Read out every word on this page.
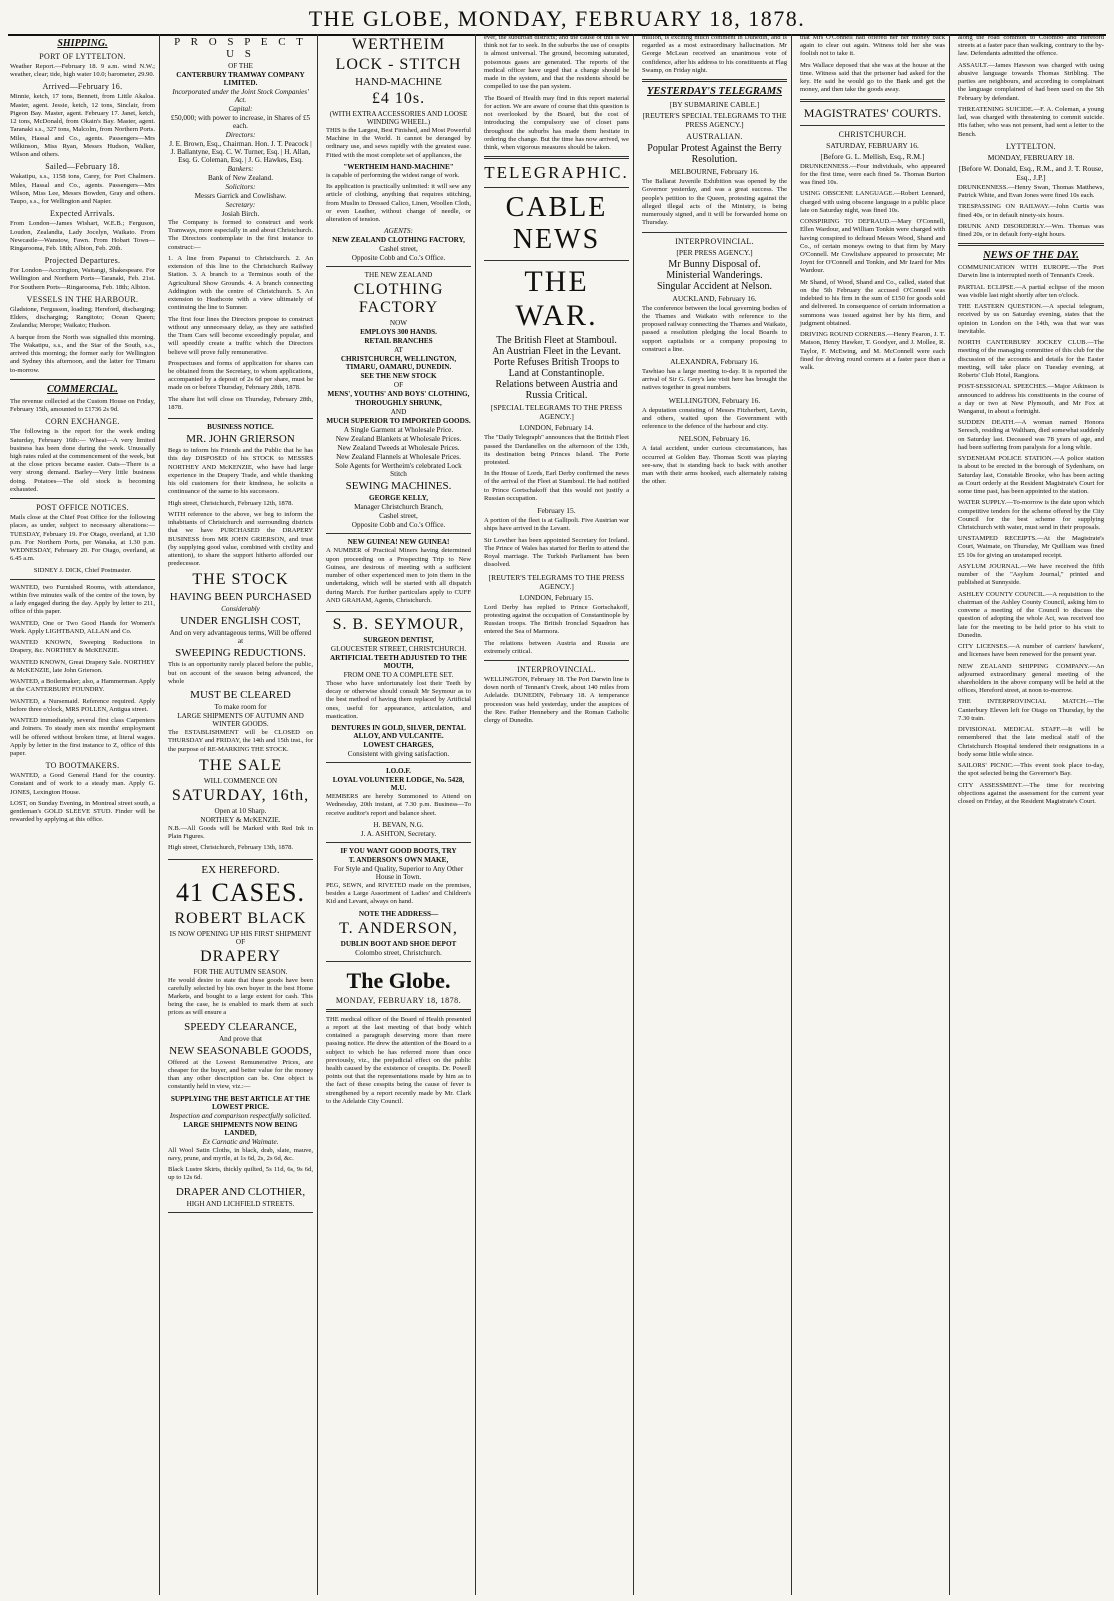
THE GLOBE, MONDAY, FEBRUARY 18, 1878.
SHIPPING.
PORT OF LYTTELTON.

Weather Report.—February 18. 9 a.m. wind N.W.; weather, clear; tide, high water 10.0; barometer, 29.90.

Arrived—February 16.

Minnie, ketch, 17 tons, Bennett, from Little Akaloa. Master, agent. Jessie, ketch, 12 tons, Sinclair, from Pigeon Bay. Master, agent. February 17. Janet, ketch, 12 tons, McDonald, from Okain's Bay. Master, agent. Taranaki s.s., 327 tons, Malcolm, from Northern Ports. Miles, Hassal and Co., agents. Passengers—Mrs Wilkinson, Miss Ryan, Messrs Hudson, Walker, Wilson and others.

Sailed—February 18.

Wakatipu, s.s., 1158 tons, Carey, for Port Chalmers. Miles, Hassal and Co., agents. Passengers—Mrs Wilson, Miss Lee, Messrs Bowden, Gray and others. Taupo, s.s., for Wellington and Napier.

Expected Arrivals.

From London—James Wishart, W.E.B.; Ferguson, Loudon, Zealandia, Lady Jocelyn, Waikato. From Newcastle—Wanstow, Fawn. From Hobart Town—Ringarooma, Feb. 18th; Albion, Feb. 20th.

Projected Departures.

For London—Accrington, Waitangi, Shakespeare. For Wellington and Northern Ports—Taranaki, Feb. 21st. For Southern Ports—Ringarooma, Feb. 18th; Albion.

VESSELS IN THE HARBOUR.

Gladstone, Fergusson, loading; Hereford, discharging; Elders, discharging; Rangitoto; Ocean Queen; Zealandia; Merope; Waikato; Hudson.

A barque from the North was signalled this morning. The Wakatipu, s.s., and the Star of the South, s.s., arrived this morning; the former early for Wellington and Sydney this afternoon, and the latter for Timaru to-morrow.

COMMERCIAL.

The revenue collected at the Custom House on Friday, February 15th, amounted to £1736 2s 9d.

CORN EXCHANGE.

The following is the report for the week ending Saturday, February 16th:— Wheat—A very limited business has been done during the week. Unusually high rates ruled at the commencement of the week, but at the close prices became easier. Oats—There is a very strong demand. Barley—Very little business doing. Potatoes—The old stock is becoming exhausted.

POST OFFICE NOTICES.

Mails close at the Chief Post Office for the following places, as under, subject to necessary alterations:— TUESDAY, February 19. For Otago, overland, at 1.30 p.m. For Northern Ports, per Wanaka, at 1.30 p.m. WEDNESDAY, February 20. For Otago, overland, at 6.45 a.m.

SIDNEY J. DICK, Chief Postmaster.

WANTED, two Furnished Rooms, with attendance, within five minutes walk of the centre of the town, by a lady engaged during the day. Apply by letter to 211, office of this paper.

WANTED, One or Two Good Hands for Women's Work. Apply LIGHTBAND, ALLAN and Co.

WANTED KNOWN, Sweeping Reductions in Drapery, &c. NORTHEY & McKENZIE.

WANTED KNOWN, Great Drapery Sale. NORTHEY & McKENZIE, late John Grierson.

WANTED, a Boilermaker; also, a Hammerman. Apply at the CANTERBURY FOUNDRY.

WANTED, a Nursemaid. Reference required. Apply before three o'clock, MRS POLLEN, Antigua street.

WANTED immediately, several first class Carpenters and Joiners. To steady men six months' employment will be offered without broken time, at literal wages. Apply by letter in the first instance to Z, office of this paper.

TO BOOTMAKERS.

WANTED, a Good General Hand for the country. Constant and of work to a steady man. Apply G. JONES, Lexington House.

LOST, on Sunday Evening, in Montreal street south, a gentleman's GOLD SLEEVE STUD. Finder will be rewarded by applying at this office.

P R O S P E C T U S
OF THE
CANTERBURY TRAMWAY COMPANY LIMITED.
Incorporated under the Joint Stock Companies' Act.
Capital:
£50,000; with power to increase, in Shares of £5 each.
Directors:
J. E. Brown, Esq., Chairman. Hon. J. T. Peacock | J. Ballantyne, Esq. C. W. Turner, Esq. | H. Allan, Esq. G. Coleman, Esq. | J. G. Hawkes, Esq.
Bankers:
Bank of New Zealand.
Solicitors:
Messrs Garrick and Cowlishaw.
Secretary:
Josiah Birch.

The Company is formed to construct and work Tramways, more especially in and about Christchurch. The Directors contemplate in the first instance to construct:—

1. A line from Papanui to Christchurch. 2. An extension of this line to the Christchurch Railway Station. 3. A branch to a Terminus south of the Agricultural Show Grounds. 4. A branch connecting Addington with the centre of Christchurch. 5. An extension to Heathcote with a view ultimately of continuing the line to Sumner.

The first four lines the Directors propose to construct without any unnecessary delay, as they are satisfied the Tram Cars will become exceedingly popular, and will speedily create a traffic which the Directors believe will prove fully remunerative.

Prospectuses and forms of application for shares can be obtained from the Secretary, to whom applications, accompanied by a deposit of 2s 6d per share, must be made on or before Thursday, February 28th, 1878.

The share list will close on Thursday, February 28th, 1878.

BUSINESS NOTICE.
MR. JOHN GRIERSON

Begs to inform his Friends and the Public that he has this day DISPOSED of his STOCK to MESSRS NORTHEY AND McKENZIE, who have had large experience in the Drapery Trade, and while thanking his old customers for their kindness, he solicits a continuance of the same to his successors.

High street, Christchurch, February 12th, 1878.

WITH reference to the above, we beg to inform the inhabitants of Christchurch and surrounding districts that we have PURCHASED the DRAPERY BUSINESS from MR JOHN GRIERSON, and trust (by supplying good value, combined with civility and attention), to share the support hitherto afforded our predecessor.

THE STOCK
HAVING BEEN PURCHASED
Considerably
UNDER ENGLISH COST,
And on very advantageous terms, Will be offered at
SWEEPING REDUCTIONS.

This is an opportunity rarely placed before the public, but on account of the season being advanced, the whole

MUST BE CLEARED
To make room for
LARGE SHIPMENTS OF AUTUMN AND WINTER GOODS.

The ESTABLISHMENT will be CLOSED on THURSDAY and FRIDAY, the 14th and 15th inst., for the purpose of RE-MARKING THE STOCK.

THE SALE
WILL COMMENCE ON
SATURDAY, 16th,
Open at 10 Sharp.
NORTHEY & McKENZIE.

N.B.—All Goods will be Marked with Red Ink in Plain Figures.

High street, Christchurch, February 13th, 1878.

EX HEREFORD.
41 CASES.
ROBERT BLACK
IS NOW OPENING UP HIS FIRST SHIPMENT OF
DRAPERY
FOR THE AUTUMN SEASON.

He would desire to state that these goods have been carefully selected by his own buyer in the best Home Markets, and bought to a large extent for cash. This being the case, he is enabled to mark them at such prices as will ensure a

SPEEDY CLEARANCE,
And prove that
NEW SEASONABLE GOODS,

Offered at the Lowest Remunerative Prices, are cheaper for the buyer, and better value for the money than any other description can be. One object is constantly held in view, viz.:—

SUPPLYING THE BEST ARTICLE AT THE LOWEST PRICE.
Inspection and comparison respectfully solicited.
LARGE SHIPMENTS NOW BEING LANDED,
Ex Carnatic and Waimate.

All Wool Satin Cloths, in black, drab, slate, mauve, navy, prune, and myrtle, at 1s 6d, 2s, 2s 6d, &c.

Black Lustre Skirts, thickly quilted, 5s 11d, 6s, 9s 6d, up to 12s 6d.

DRAPER AND CLOTHIER,
HIGH AND LICHFIELD STREETS.
WERTHEIM
LOCK - STITCH
HAND-MACHINE
£4 10s.
(WITH EXTRA ACCESSORIES AND LOOSE WINDING WHEEL.)

THIS is the Largest, Best Finished, and Most Powerful Machine in the World. It cannot be deranged by ordinary use, and sews rapidly with the greatest ease. Fitted with the most complete set of appliances, the

"WERTHEIM HAND-MACHINE"

is capable of performing the widest range of work.

Its application is practically unlimited: it will sew any article of clothing, anything that requires stitching, from Muslin to Dressed Calico, Linen, Woollen Cloth, or even Leather, without change of needle, or alteration of tension.

AGENTS:
NEW ZEALAND CLOTHING FACTORY,
Cashel street,
Opposite Cobb and Co.'s Office.
THE NEW ZEALAND
CLOTHING FACTORY
NOW
EMPLOYS 300 HANDS.
RETAIL BRANCHES
AT
CHRISTCHURCH, WELLINGTON, TIMARU, OAMARU, DUNEDIN.
SEE THE NEW STOCK
OF
MENS', YOUTHS' AND BOYS' CLOTHING,
THOROUGHLY SHRUNK,
AND
MUCH SUPERIOR TO IMPORTED GOODS.
A Single Garment at Wholesale Price.
New Zealand Blankets at Wholesale Prices.
New Zealand Tweeds at Wholesale Prices.
New Zealand Flannels at Wholesale Prices.
Sole Agents for Wertheim's celebrated Lock Stitch
SEWING MACHINES.
GEORGE KELLY,
Manager Christchurch Branch,
Cashel street,
Opposite Cobb and Co.'s Office.
NEW GUINEA! NEW GUINEA!

A NUMBER of Practical Miners having determined upon proceeding on a Prospecting Trip to New Guinea, are desirous of meeting with a sufficient number of other experienced men to join them in the undertaking, which will be started with all dispatch during March. For further particulars apply to CUFF AND GRAHAM, Agents, Christchurch.

S. B. SEYMOUR,
SURGEON DENTIST,
GLOUCESTER STREET, CHRISTCHURCH.
ARTIFICIAL TEETH ADJUSTED TO THE MOUTH,
FROM ONE TO A COMPLETE SET.

Those who have unfortunately lost their Teeth by decay or otherwise should consult Mr Seymour as to the best method of having them replaced by Artificial ones, useful for appearance, articulation, and mastication.

DENTURES IN GOLD, SILVER, DENTAL ALLOY, AND VULCANITE.
LOWEST CHARGES,
Consistent with giving satisfaction.
I.O.O.F.
LOYAL VOLUNTEER LODGE, No. 5428, M.U.

MEMBERS are hereby Summoned to Attend on Wednesday, 20th instant, at 7.30 p.m. Business—To receive auditor's report and balance sheet.

H. BEVAN, N.G.
J. A. ASHTON, Secretary.
IF YOU WANT GOOD BOOTS, TRY
T. ANDERSON'S OWN MAKE,
For Style and Quality, Superior to Any Other House in Town.

PEG, SEWN, and RIVETED made on the premises, besides a Large Assortment of Ladies' and Children's Kid and Levant, always on hand.

NOTE THE ADDRESS—
T. ANDERSON,
DUBLIN BOOT AND SHOE DEPOT
Colombo street, Christchurch.
The Globe.
MONDAY, FEBRUARY 18, 1878.

THE medical officer of the Board of Health presented a report at the last meeting of that body which contained a paragraph deserving more than mere passing notice. He drew the attention of the Board to a subject to which he has referred more than once previously, viz., the prejudicial effect on the public health caused by the existence of cesspits. Dr. Powell points out that the representations made by him as to the fact of these cesspits being the cause of fever is strengthened by a report recently made by Mr. Clark to the Adelaide City Council.

ever, the suburban districts; and the cause of this is we think not far to seek. In the suburbs the use of cesspits is almost universal. The ground, becoming saturated, poisonous gases are generated. The reports of the medical officer have urged that a change should be made in the system, and that the residents should be compelled to use the pan system.

The Board of Health may find in this report material for action. We are aware of course that this question is not overlooked by the Board, but the cost of introducing the compulsory use of closet pans throughout the suburbs has made them hesitate in ordering the change. But the time has now arrived, we think, when vigorous measures should be taken.

TELEGRAPHIC.
CABLE NEWS
THE WAR.
The British Fleet at Stamboul.
An Austrian Fleet in the Levant.
Porte Refuses British Troops to Land at Constantinople.
Relations between Austria and Russia Critical.
[SPECIAL TELEGRAMS TO THE PRESS AGENCY.]
LONDON, February 14.

The "Daily Telegraph" announces that the British Fleet passed the Dardanelles on the afternoon of the 13th, its destination being Princes Island. The Porte protested.

In the House of Lords, Earl Derby confirmed the news of the arrival of the Fleet at Stamboul. He had notified to Prince Gortschakoff that this would not justify a Russian occupation.

February 15.

A portion of the fleet is at Gallipoli. Five Austrian war ships have arrived in the Levant.

Sir Lowther has been appointed Secretary for Ireland. The Prince of Wales has started for Berlin to attend the Royal marriage. The Turkish Parliament has been dissolved.

[REUTER'S TELEGRAMS TO THE PRESS AGENCY.]
LONDON, February 15.

Lord Derby has replied to Prince Gortschakoff, protesting against the occupation of Constantinople by Russian troops. The British Ironclad Squadron has entered the Sea of Marmora.

The relations between Austria and Russia are extremely critical.

INTERPROVINCIAL.

WELLINGTON, February 18. The Port Darwin line is down north of Tennant's Creek, about 140 miles from Adelaide. DUNEDIN, February 18. A temperance procession was held yesterday, under the auspices of the Rev. Father Hennebery and the Roman Catholic clergy of Dunedin.

million, is exciting much comment in Dunedin, and is regarded as a most extraordinary hallucination. Mr George McLean received an unanimous vote of confidence, after his address to his constituents at Flag Swamp, on Friday night.

YESTERDAY'S TELEGRAMS
[BY SUBMARINE CABLE.]
[REUTER'S SPECIAL TELEGRAMS TO THE PRESS AGENCY.]
AUSTRALIAN.
Popular Protest Against the Berry Resolution.
MELBOURNE, February 16.

The Ballarat Juvenile Exhibition was opened by the Governor yesterday, and was a great success. The people's petition to the Queen, protesting against the alleged illegal acts of the Ministry, is being numerously signed, and it will be forwarded home on Thursday.

INTERPROVINCIAL.
[PER PRESS AGENCY.]
Mr Bunny Disposal of.
Ministerial Wanderings.
Singular Accident at Nelson.
AUCKLAND, February 16.

The conference between the local governing bodies of the Thames and Waikato with reference to the proposed railway connecting the Thames and Waikato, passed a resolution pledging the local Boards to support capitalists or a company proposing to construct a line.

ALEXANDRA, February 16.

Tawhiao has a large meeting to-day. It is reported the arrival of Sir G. Grey's late visit here has brought the natives together in great numbers.

WELLINGTON, February 16.

A deputation consisting of Messrs Fitzherbert, Levin, and others, waited upon the Government with reference to the defence of the harbour and city.

NELSON, February 16.

A fatal accident, under curious circumstances, has occurred at Golden Bay. Thomas Scott was playing see-saw, that is standing back to back with another man with their arms hooked, each alternately raising the other.

that Mrs O'Connell had offered her her money back again to clear out again. Witness told her she was foolish not to take it.

Mrs Wallace deposed that she was at the house at the time. Witness said that the prisoner had asked for the key. He said he would go to the Bank and get the money, and then take the goods away.

MAGISTRATES' COURTS.
CHRISTCHURCH.
SATURDAY, FEBRUARY 16.
[Before G. L. Mellish, Esq., R.M.]

DRUNKENNESS.—Four individuals, who appeared for the first time, were each fined 5s. Thomas Burton was fined 10s.

USING OBSCENE LANGUAGE.—Robert Lennard, charged with using obscene language in a public place late on Saturday night, was fined 10s.

CONSPIRING TO DEFRAUD.—Mary O'Connell, Ellen Wardour, and William Tonkin were charged with having conspired to defraud Messrs Wood, Shand and Co., of certain moneys owing to that firm by Mary O'Connell. Mr Cowlishaw appeared to prosecute; Mr Joynt for O'Connell and Tonkin, and Mr Izard for Mrs Wardour.

Mr Shand, of Wood, Shand and Co., called, stated that on the 5th February the accused O'Connell was indebted to his firm in the sum of £150 for goods sold and delivered. In consequence of certain information a summons was issued against her by his firm, and judgment obtained.

DRIVING ROUND CORNERS.—Henry Fearon, J. T. Matson, Henry Hawker, T. Goodyer, and J. Mollee, R. Taylor, F. McEwing, and M. McConnell were each fined for driving round corners at a faster pace than a walk.

along the road common to Colombo and Hereford streets at a faster pace than walking, contrary to the by-law. Defendants admitted the offence.

ASSAULT.—James Hawson was charged with using abusive language towards Thomas Stribling. The parties are neighbours, and according to complainant the language complained of had been used on the 5th February by defendant.

THREATENING SUICIDE.—F. A. Coleman, a young lad, was charged with threatening to commit suicide. His father, who was not present, had sent a letter to the Bench.

LYTTELTON.
MONDAY, FEBRUARY 18.
[Before W. Donald, Esq., R.M., and J. T. Rouse, Esq., J.P.]

DRUNKENNESS.—Henry Swan, Thomas Matthews, Patrick White, and Evan Jones were fined 10s each.

TRESPASSING ON RAILWAY.—John Curtis was fined 40s, or in default ninety-six hours.

DRUNK AND DISORDERLY.—Wm. Thomas was fined 20s, or in default forty-eight hours.

NEWS OF THE DAY.

COMMUNICATION WITH EUROPE.—The Port Darwin line is interrupted north of Tennant's Creek.

PARTIAL ECLIPSE.—A partial eclipse of the moon was visible last night shortly after ten o'clock.

THE EASTERN QUESTION.—A special telegram, received by us on Saturday evening, states that the opinion in London on the 14th, was that war was inevitable.

NORTH CANTERBURY JOCKEY CLUB.—The meeting of the managing committee of this club for the discussion of the accounts and details for the Easter meeting, will take place on Tuesday evening, at Roberts' Club Hotel, Rangiora.

POST-SESSIONAL SPEECHES.—Major Atkinson is announced to address his constituents in the course of a day or two at New Plymouth, and Mr Fox at Wanganui, in about a fortnight.

SUDDEN DEATH.—A woman named Honora Seresch, residing at Waltham, died somewhat suddenly on Saturday last. Deceased was 78 years of age, and had been suffering from paralysis for a long while.

SYDENHAM POLICE STATION.—A police station is about to be erected in the borough of Sydenham, on Saturday last, Constable Brooke, who has been acting as Court orderly at the Resident Magistrate's Court for some time past, has been appointed to the station.

WATER SUPPLY.—To-morrow is the date upon which competitive tenders for the scheme offered by the City Council for the best scheme for supplying Christchurch with water, must send in their proposals.

UNSTAMPED RECEIPTS.—At the Magistrate's Court, Waimate, on Thursday, Mr Quilliam was fined £5 10s for giving an unstamped receipt.

ASYLUM JOURNAL.—We have received the fifth number of the "Asylum Journal," printed and published at Sunnyside.

ASHLEY COUNTY COUNCIL.—A requisition to the chairman of the Ashley County Council, asking him to convene a meeting of the Council to discuss the question of adopting the whole Act, was received too late for the meeting to be held prior to his visit to Dunedin.

CITY LICENSES.—A number of carriers' hawkers', and licenses have been renewed for the present year.

NEW ZEALAND SHIPPING COMPANY.—An adjourned extraordinary general meeting of the shareholders in the above company will be held at the offices, Hereford street, at noon to-morrow.

THE INTERPROVINCIAL MATCH.—The Canterbury Eleven left for Otago on Thursday, by the 7.30 train.

DIVISIONAL MEDICAL STAFF.—It will be remembered that the late medical staff of the Christchurch Hospital tendered their resignations in a body some little while since.

SAILORS' PICNIC.—This event took place to-day, the spot selected being the Governor's Bay.

CITY ASSESSMENT.—The time for receiving objections against the assessment for the current year closed on Friday, at the Resident Magistrate's Court.
